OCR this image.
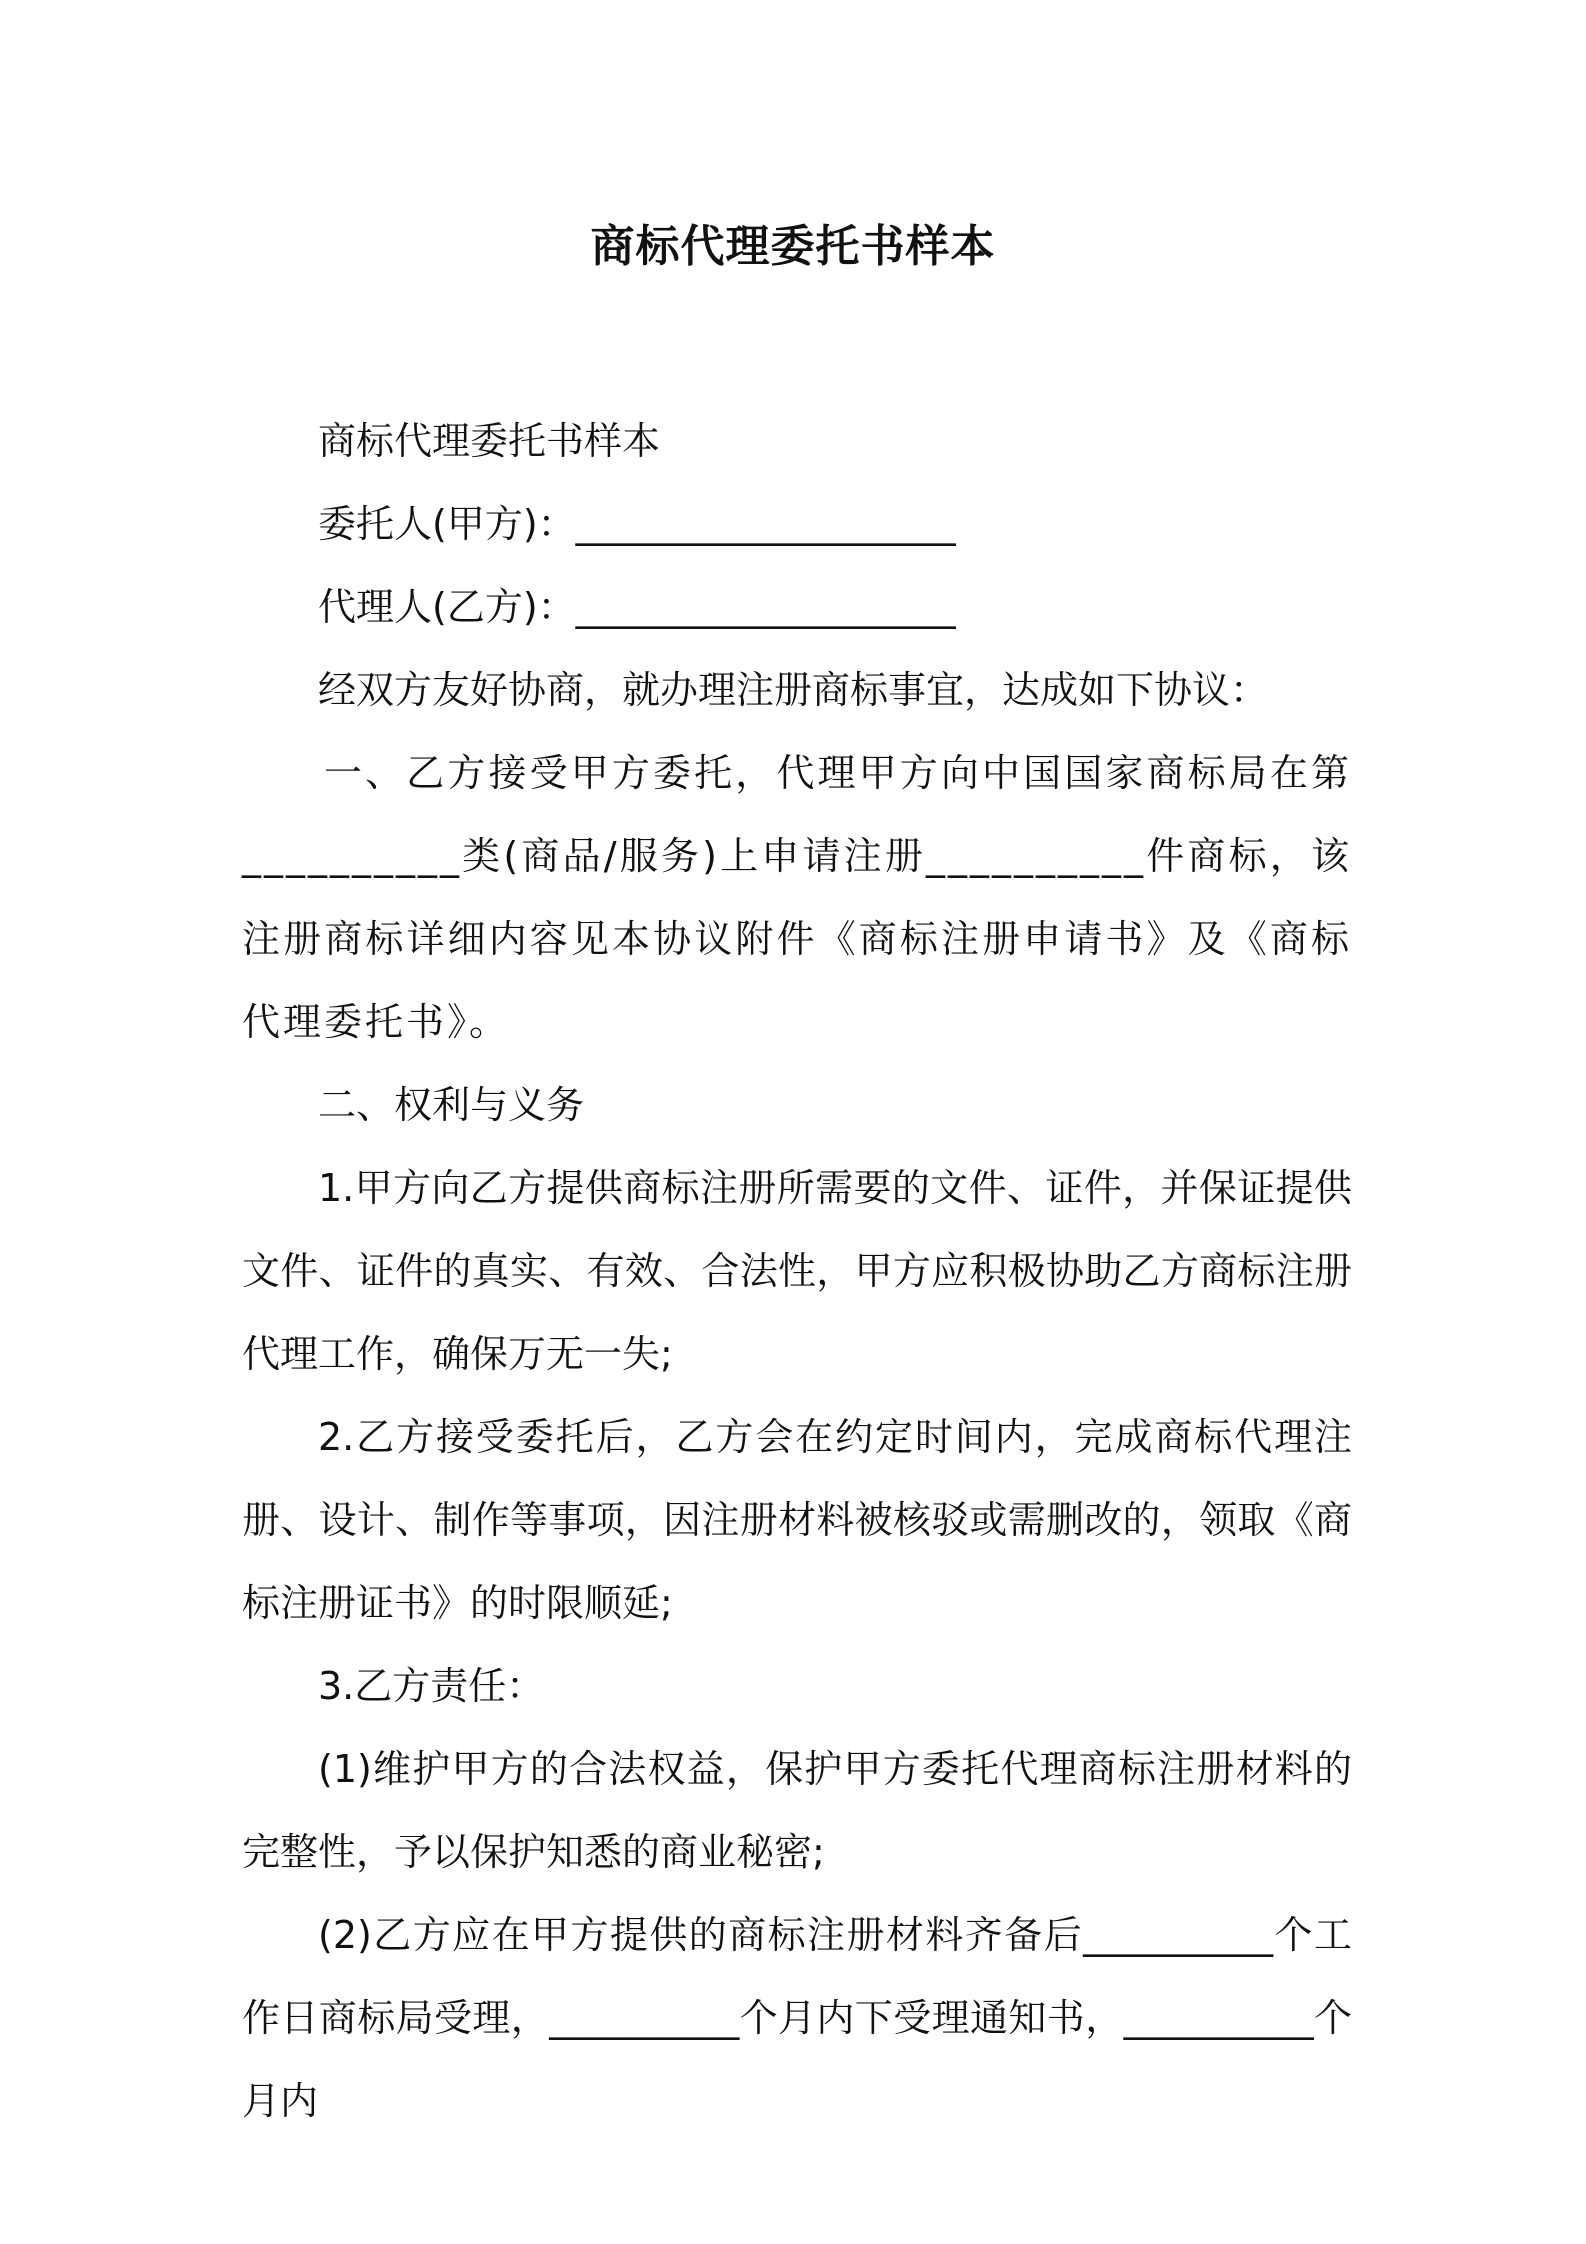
商标代理委托书样本

商标代理委托书样本

委托人(甲方)：____________________

代理人(乙方)：____________________

经双方友好协商，就办理注册商标事宜，达成如下协议：

一、乙方接受甲方委托，代理甲方向中国国家商标局在第__________类(商品/服务)上申请注册__________件商标，该注册商标详细内容见本协议附件《商标注册申请书》及《商标代理委托书》。

二、权利与义务

1.甲方向乙方提供商标注册所需要的文件、证件，并保证提供文件、证件的真实、有效、合法性，甲方应积极协助乙方商标注册代理工作，确保万无一失;

2.乙方接受委托后，乙方会在约定时间内，完成商标代理注册、设计、制作等事项，因注册材料被核驳或需删改的，领取《商标注册证书》的时限顺延;

3.乙方责任：

(1)维护甲方的合法权益，保护甲方委托代理商标注册材料的完整性，予以保护知悉的商业秘密;

(2)乙方应在甲方提供的商标注册材料齐备后__________个工作日商标局受理，__________个月内下受理通知书，__________个月内
